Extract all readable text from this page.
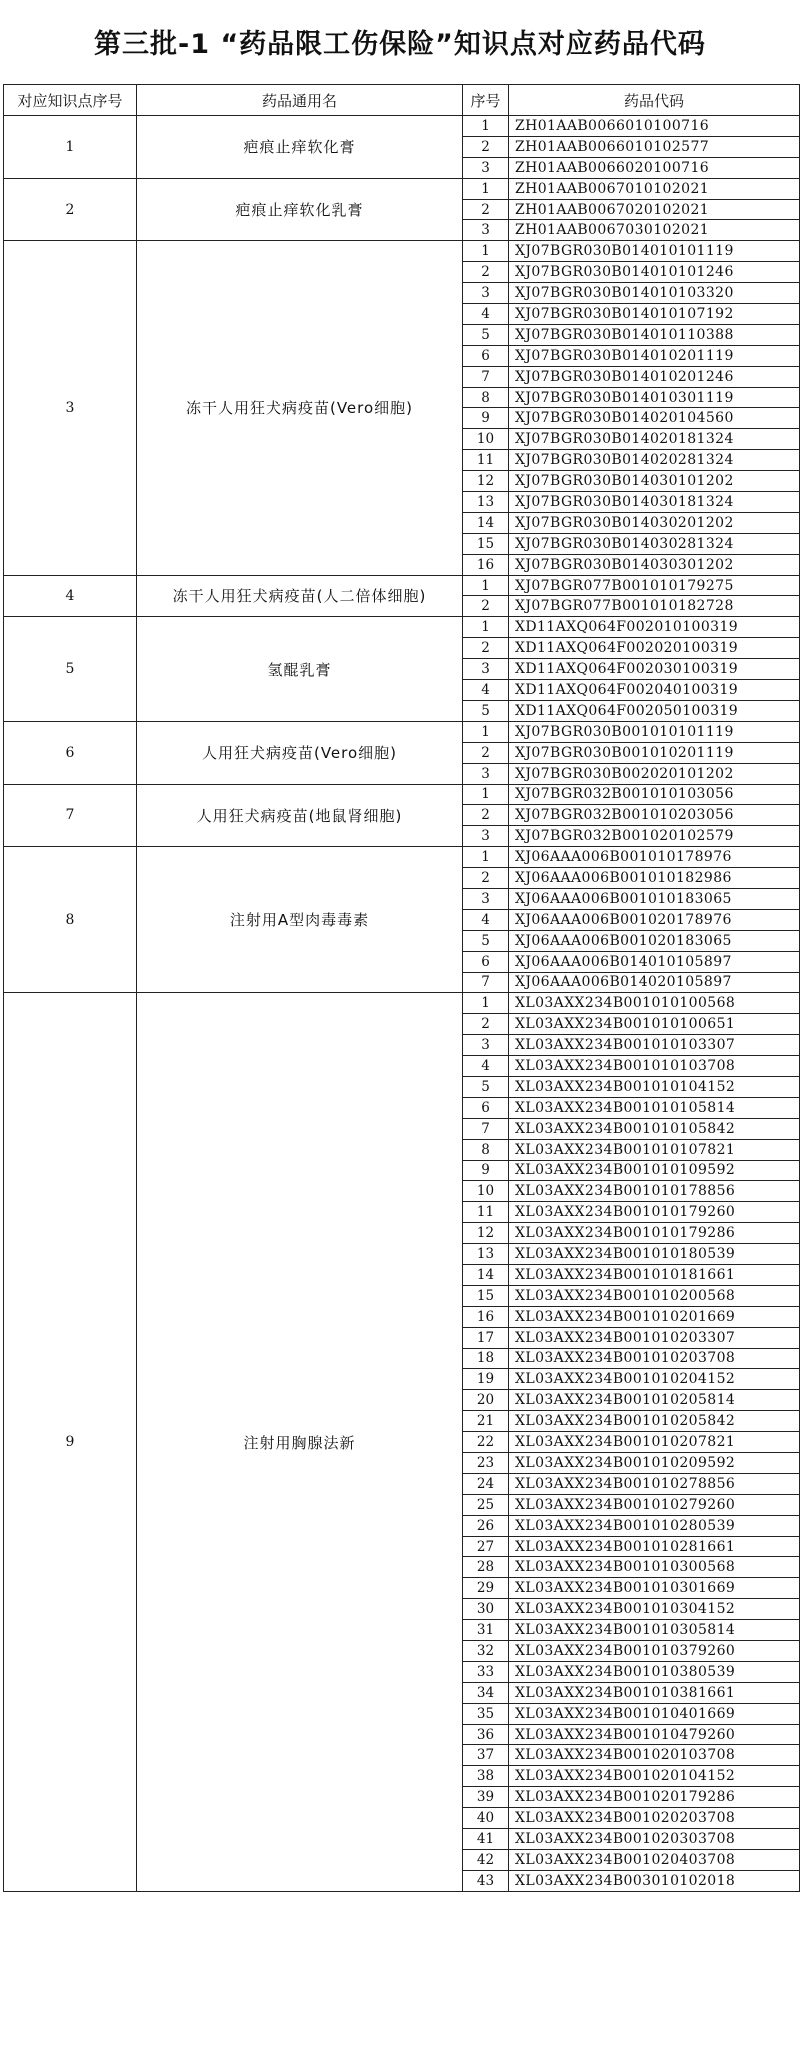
第三批-1 “药品限工伤保险”知识点对应药品代码
对应知识点序号	药品通用名	序号	药品代码
1	疤痕止痒软化膏	1	ZH01AAB0066010100716
		2	ZH01AAB0066010102577
		3	ZH01AAB0066020100716
2	疤痕止痒软化乳膏	1	ZH01AAB0067010102021
		2	ZH01AAB0067020102021
		3	ZH01AAB0067030102021
3	冻干人用狂犬病疫苗(Vero细胞)	1	XJ07BGR030B014010101119
		2	XJ07BGR030B014010101246
		3	XJ07BGR030B014010103320
		4	XJ07BGR030B014010107192
		5	XJ07BGR030B014010110388
		6	XJ07BGR030B014010201119
		7	XJ07BGR030B014010201246
		8	XJ07BGR030B014010301119
		9	XJ07BGR030B014020104560
		10	XJ07BGR030B014020181324
		11	XJ07BGR030B014020281324
		12	XJ07BGR030B014030101202
		13	XJ07BGR030B014030181324
		14	XJ07BGR030B014030201202
		15	XJ07BGR030B014030281324
		16	XJ07BGR030B014030301202
4	冻干人用狂犬病疫苗(人二倍体细胞)	1	XJ07BGR077B001010179275
		2	XJ07BGR077B001010182728
5	氢醌乳膏	1	XD11AXQ064F002010100319
		2	XD11AXQ064F002020100319
		3	XD11AXQ064F002030100319
		4	XD11AXQ064F002040100319
		5	XD11AXQ064F002050100319
6	人用狂犬病疫苗(Vero细胞)	1	XJ07BGR030B001010101119
		2	XJ07BGR030B001010201119
		3	XJ07BGR030B002020101202
7	人用狂犬病疫苗(地鼠肾细胞)	1	XJ07BGR032B001010103056
		2	XJ07BGR032B001010203056
		3	XJ07BGR032B001020102579
8	注射用A型肉毒毒素	1	XJ06AAA006B001010178976
		2	XJ06AAA006B001010182986
		3	XJ06AAA006B001010183065
		4	XJ06AAA006B001020178976
		5	XJ06AAA006B001020183065
		6	XJ06AAA006B014010105897
		7	XJ06AAA006B014020105897
9	注射用胸腺法新	1	XL03AXX234B001010100568
		2	XL03AXX234B001010100651
		3	XL03AXX234B001010103307
		4	XL03AXX234B001010103708
		5	XL03AXX234B001010104152
		6	XL03AXX234B001010105814
		7	XL03AXX234B001010105842
		8	XL03AXX234B001010107821
		9	XL03AXX234B001010109592
		10	XL03AXX234B001010178856
		11	XL03AXX234B001010179260
		12	XL03AXX234B001010179286
		13	XL03AXX234B001010180539
		14	XL03AXX234B001010181661
		15	XL03AXX234B001010200568
		16	XL03AXX234B001010201669
		17	XL03AXX234B001010203307
		18	XL03AXX234B001010203708
		19	XL03AXX234B001010204152
		20	XL03AXX234B001010205814
		21	XL03AXX234B001010205842
		22	XL03AXX234B001010207821
		23	XL03AXX234B001010209592
		24	XL03AXX234B001010278856
		25	XL03AXX234B001010279260
		26	XL03AXX234B001010280539
		27	XL03AXX234B001010281661
		28	XL03AXX234B001010300568
		29	XL03AXX234B001010301669
		30	XL03AXX234B001010304152
		31	XL03AXX234B001010305814
		32	XL03AXX234B001010379260
		33	XL03AXX234B001010380539
		34	XL03AXX234B001010381661
		35	XL03AXX234B001010401669
		36	XL03AXX234B001010479260
		37	XL03AXX234B001020103708
		38	XL03AXX234B001020104152
		39	XL03AXX234B001020179286
		40	XL03AXX234B001020203708
		41	XL03AXX234B001020303708
		42	XL03AXX234B001020403708
		43	XL03AXX234B003010102018
